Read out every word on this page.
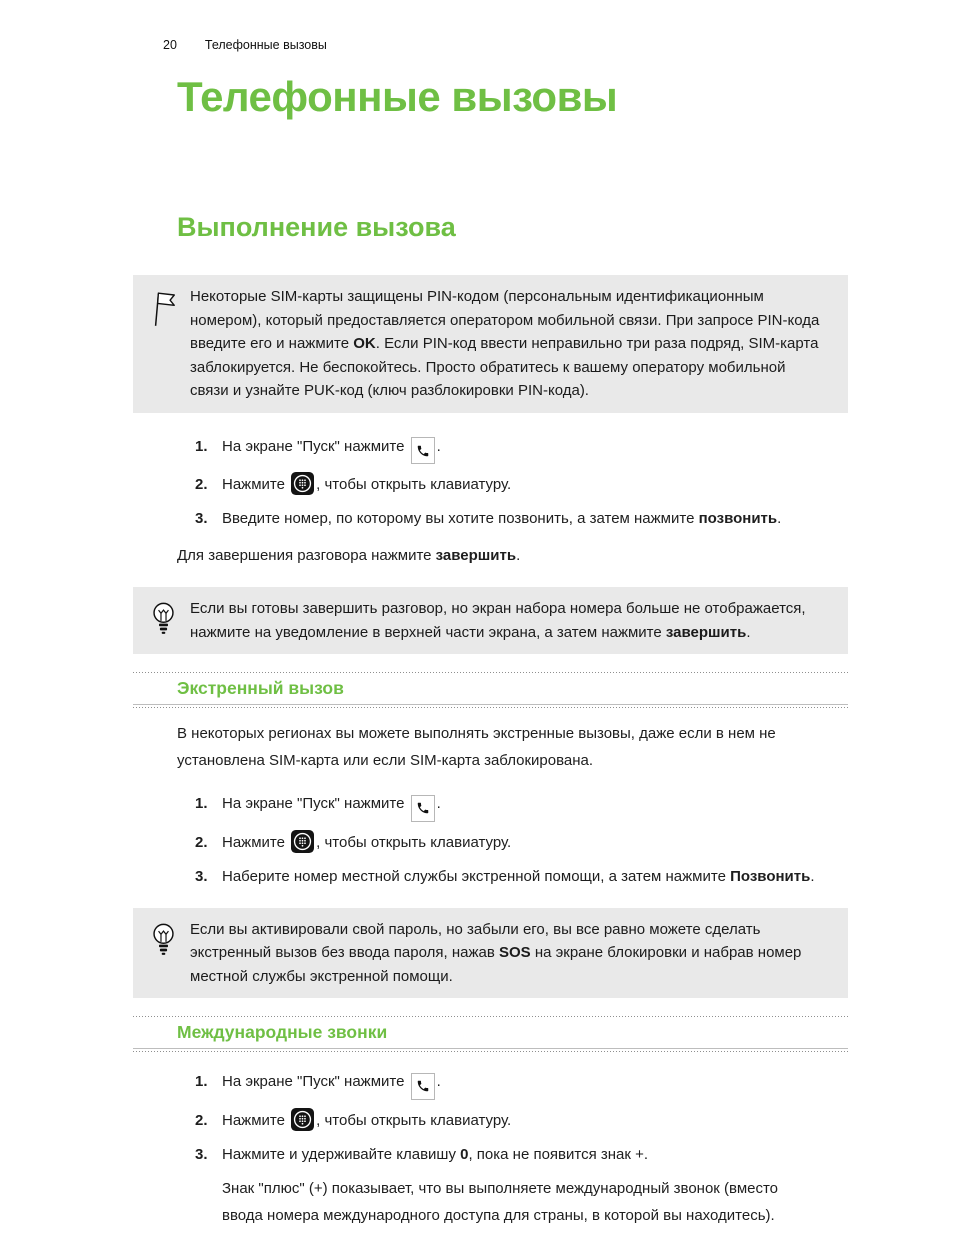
20 Телефонные вызовы
Телефонные вызовы
Выполнение вызова
Некоторые SIM-карты защищены PIN-кодом (персональным идентификационным номером), который предоставляется оператором мобильной связи. При запросе PIN-кода введите его и нажмите OK. Если PIN-код ввести неправильно три раза подряд, SIM-карта заблокируется. Не беспокойтесь. Просто обратитесь к вашему оператору мобильной связи и узнайте PUK-код (ключ разблокировки PIN-кода).
1. На экране "Пуск" нажмите
.
2. Нажмите
, чтобы открыть клавиатуру.
3. Введите номер, по которому вы хотите позвонить, а затем нажмите позвонить.

Для завершения разговора нажмите завершить.

Если вы готовы завершить разговор, но экран набора номера больше не отображается, нажмите на уведомление в верхней части экрана, а затем нажмите завершить.
Экстренный вызов

В некоторых регионах вы можете выполнять экстренные вызовы, даже если в нем не установлена SIM-карта или если SIM-карта заблокирована.

1. На экране "Пуск" нажмите
.
2. Нажмите
, чтобы открыть клавиатуру.
3. Наберите номер местной службы экстренной помощи, а затем нажмите Позвонить.
Если вы активировали свой пароль, но забыли его, вы все равно можете сделать экстренный вызов без ввода пароля, нажав SOS на экране блокировки и набрав номер местной службы экстренной помощи.
Международные звонки
1. На экране "Пуск" нажмите
.
2. Нажмите
, чтобы открыть клавиатуру.
3. Нажмите и удерживайте клавишу 0, пока не появится знак +.

Знак "плюс" (+) показывает, что вы выполняете международный звонок (вместо ввода номера международного доступа для страны, в которой вы находитесь).
